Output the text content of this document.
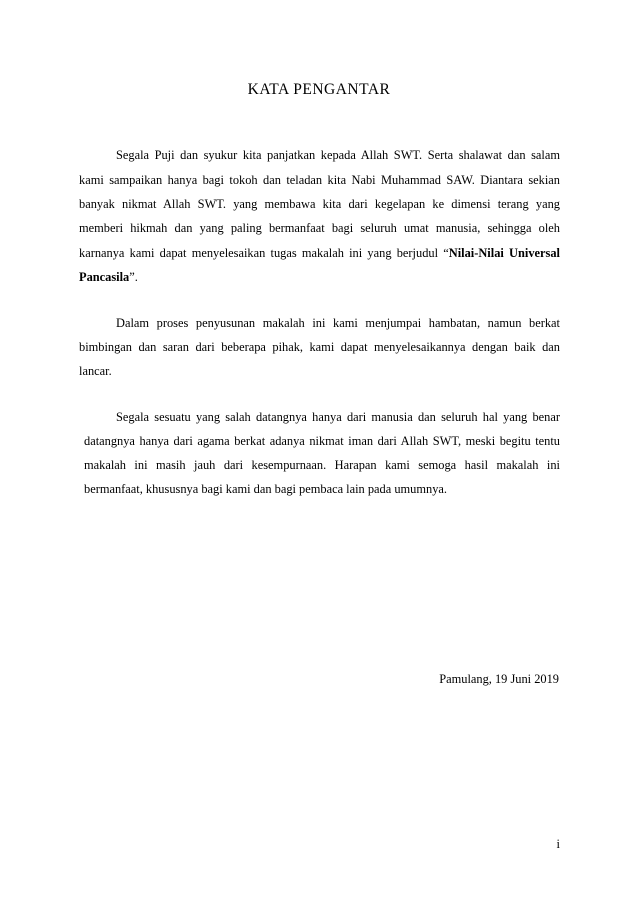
KATA PENGANTAR
Segala Puji dan syukur kita panjatkan kepada Allah SWT. Serta shalawat dan salam
kami sampaikan hanya bagi tokoh dan teladan kita Nabi Muhammad SAW. Diantara sekian
banyak nikmat Allah SWT. yang membawa kita dari kegelapan ke dimensi terang yang
memberi hikmah dan yang paling bermanfaat bagi seluruh umat manusia, sehingga oleh
karnanya kami dapat menyelesaikan tugas makalah ini yang berjudul “Nilai-Nilai Universal
Pancasila”.
Dalam proses penyusunan makalah ini kami menjumpai hambatan, namun berkat
bimbingan dan saran dari beberapa pihak, kami dapat menyelesaikannya dengan baik dan
lancar.
Segala sesuatu yang salah datangnya hanya dari manusia dan seluruh hal yang benar
datangnya hanya dari agama berkat adanya nikmat iman dari Allah SWT, meski begitu tentu
makalah ini masih jauh dari kesempurnaan. Harapan kami semoga hasil makalah ini
bermanfaat, khususnya bagi kami dan bagi pembaca lain pada umumnya.
Pamulang, 19 Juni 2019
i
